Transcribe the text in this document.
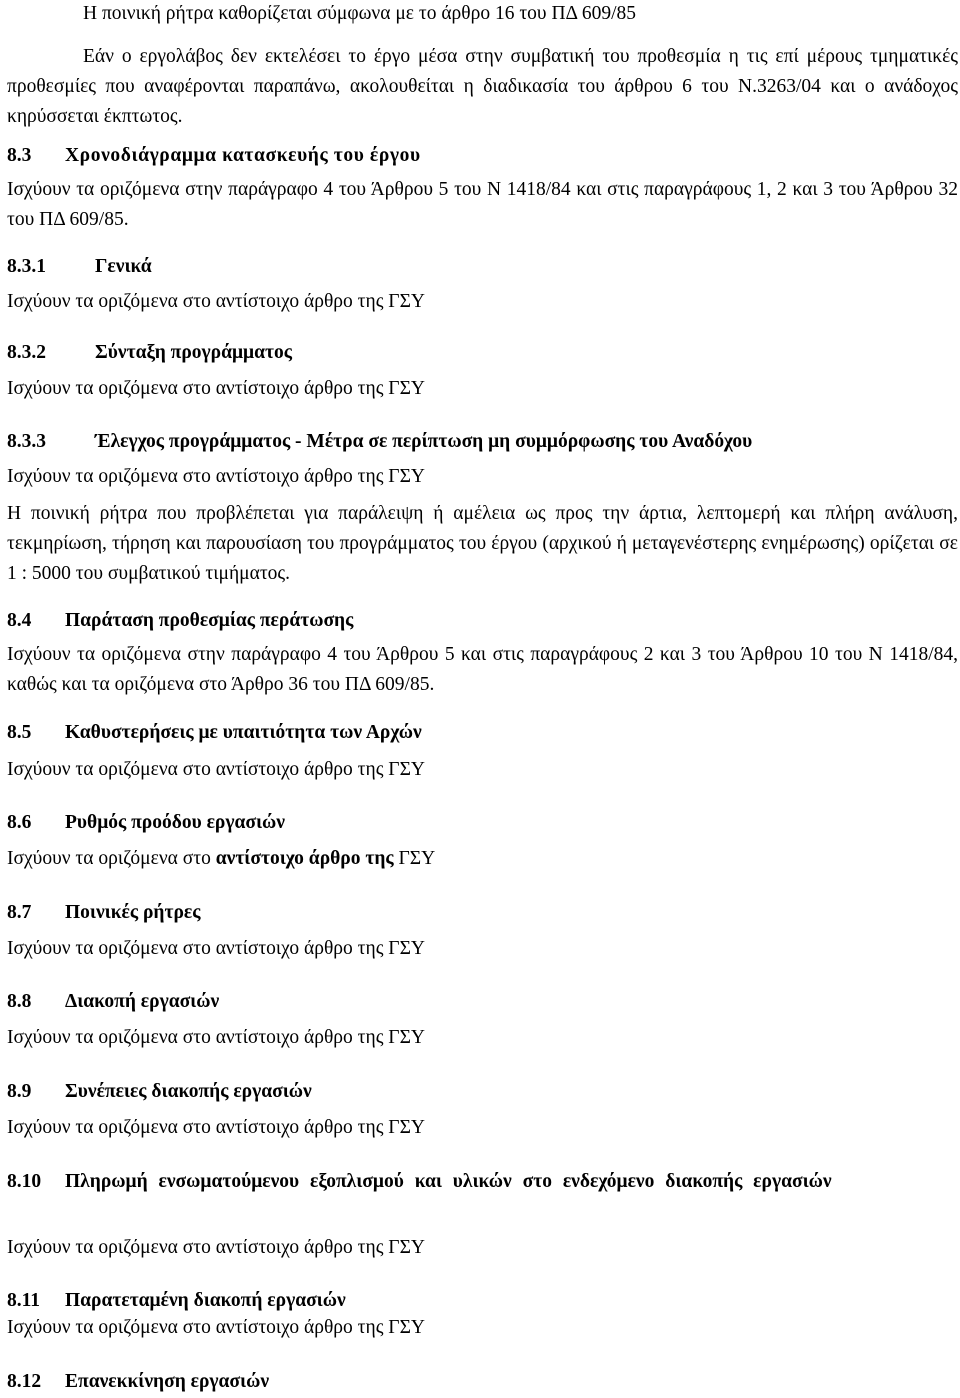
Η ποινική ρήτρα καθορίζεται σύμφωνα με το άρθρο 16 του ΠΔ 609/85

Εάν ο εργολάβος δεν εκτελέσει το έργο μέσα στην συμβατική του προθεσμία η τις επί μέρους τμηματικές προθεσμίες που αναφέρονται παραπάνω, ακολουθείται η διαδικασία του άρθρου 6 του Ν.3263/04 και ο ανάδοχος κηρύσσεται έκπτωτος.

8.3 Χρονοδιάγραμμα κατασκευής του έργου

Ισχύουν τα οριζόμενα στην παράγραφο 4 του Άρθρου 5 του Ν 1418/84 και στις παραγράφους 1, 2 και 3 του Άρθρου 32 του ΠΔ 609/85.

8.3.1	Γενικά

Ισχύουν τα οριζόμενα στο αντίστοιχο άρθρο της ΓΣΥ

8.3.2	Σύνταξη προγράμματος

Ισχύουν τα οριζόμενα στο αντίστοιχο άρθρο της ΓΣΥ

8.3.3	Έλεγχος προγράμματος - Μέτρα σε περίπτωση μη συμμόρφωσης του Αναδόχου

Ισχύουν τα οριζόμενα στο αντίστοιχο άρθρο της ΓΣΥ

Η ποινική ρήτρα που προβλέπεται για παράλειψη ή αμέλεια ως προς την άρτια, λεπτομερή και πλήρη ανάλυση, τεκμηρίωση, τήρηση και παρουσίαση του προγράμματος του έργου (αρχικού ή μεταγενέστερης ενημέρωσης) ορίζεται σε 1 : 5000 του συμβατικού τιμήματος.

8.4 Παράταση προθεσμίας περάτωσης

Ισχύουν τα οριζόμενα στην παράγραφο 4 του Άρθρου 5 και στις παραγράφους 2 και 3 του Άρθρου 10 του Ν 1418/84, καθώς και τα οριζόμενα στο Άρθρο 36 του ΠΔ 609/85.

8.5 Καθυστερήσεις με υπαιτιότητα των Αρχών

Ισχύουν τα οριζόμενα στο αντίστοιχο άρθρο της ΓΣΥ

8.6 Ρυθμός προόδου εργασιών

Ισχύουν τα οριζόμενα στο αντίστοιχο άρθρο της ΓΣΥ

8.7 Ποινικές ρήτρες

Ισχύουν τα οριζόμενα στο αντίστοιχο άρθρο της ΓΣΥ

8.8 Διακοπή εργασιών

Ισχύουν τα οριζόμενα στο αντίστοιχο άρθρο της ΓΣΥ

8.9 Συνέπειες διακοπής εργασιών

Ισχύουν τα οριζόμενα στο αντίστοιχο άρθρο της ΓΣΥ

8.10 Πληρωμή ενσωματούμενου εξοπλισμού και υλικών στο ενδεχόμενο διακοπής εργασιών

Ισχύουν τα οριζόμενα στο αντίστοιχο άρθρο της ΓΣΥ

8.11 Παρατεταμένη διακοπή εργασιών

Ισχύουν τα οριζόμενα στο αντίστοιχο άρθρο της ΓΣΥ

8.12 Επανεκκίνηση εργασιών
